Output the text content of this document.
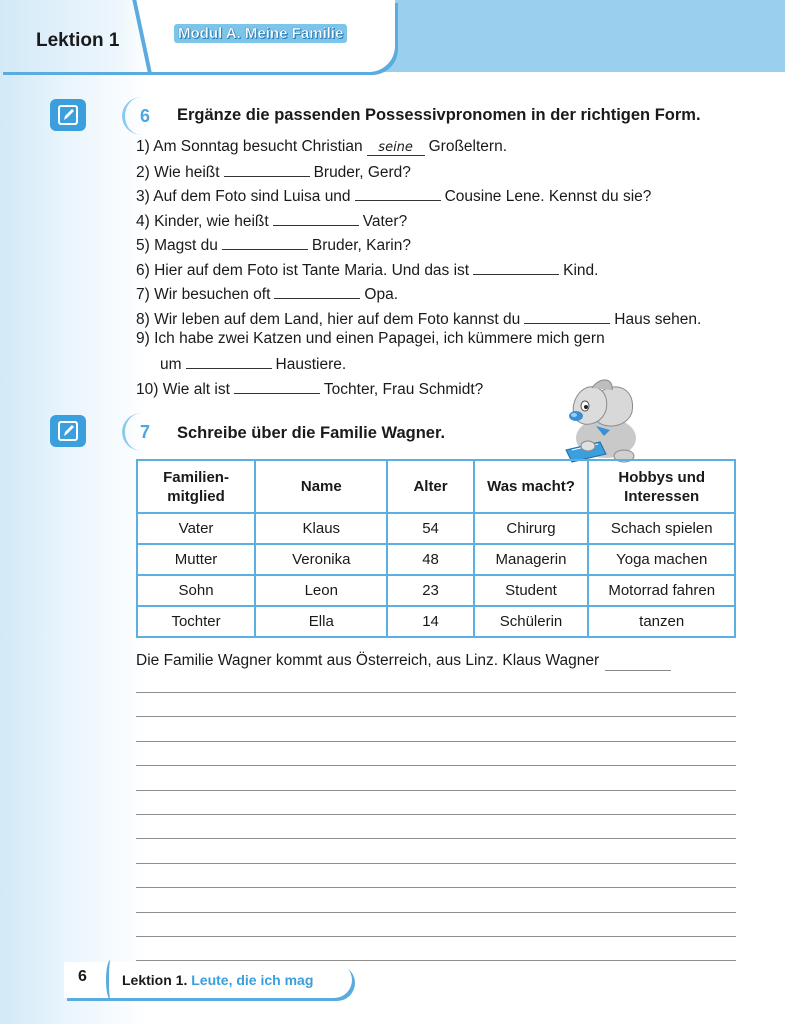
Lektion 1	Modul A. Meine Familie
6	Ergänze die passenden Possessivpronomen in der richtigen Form.
1) Am Sonntag besucht Christian seine Großeltern.
2) Wie heißt	Bruder, Gerd?
3) Auf dem Foto sind Luisa und	Cousine Lene. Kennst du sie?
4) Kinder, wie heißt	Vater?
5) Magst du	Bruder, Karin?
6) Hier auf dem Foto ist Tante Maria. Und das ist	Kind.
7) Wir besuchen oft	Opa.
8) Wir leben auf dem Land, hier auf dem Foto kannst du	Haus sehen.
9) Ich habe zwei Katzen und einen Papagei, ich kümmere mich gern
um	Haustiere.
10) Wie alt ist	Tochter, Frau Schmidt?
7	Schreibe über die Familie Wagner.
Familien-
mitglied	Name	Alter	Was macht?	Hobbys und
Interessen
Vater	Klaus	54	Chirurg	Schach spielen
Mutter	Veronika	48	Managerin	Yoga machen
Sohn	Leon	23	Student	Motorrad fahren
Tochter	Ella	14	Schülerin	tanzen
Die Familie Wagner kommt aus Österreich, aus Linz. Klaus Wagner
6	Lektion 1. Leute, die ich mag
